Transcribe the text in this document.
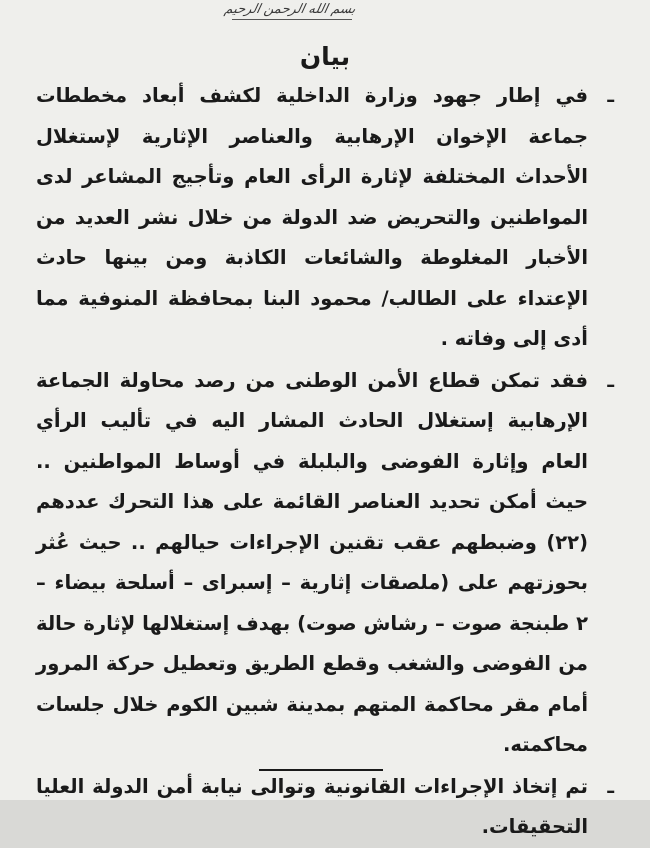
بسم الله الرحمن الرحيم
بيان

ـ
في إطار جهود وزارة الداخلية لكشف أبعاد مخططات جماعة الإخوان الإرهابية والعناصر الإثارية لإستغلال الأحداث المختلفة لإثارة الرأى العام وتأجيج المشاعر لدى المواطنين والتحريض ضد الدولة من خلال نشر العديد من الأخبار المغلوطة والشائعات الكاذبة ومن بينها حادث الإعتداء على الطالب/ محمود البنا بمحافظة المنوفية مما أدى إلى وفاته .

ـ
فقد تمكن قطاع الأمن الوطنى من رصد محاولة الجماعة الإرهابية إستغلال الحادث المشار اليه في تأليب الرأي العام وإثارة الفوضى والبلبلة في أوساط المواطنين .. حيث أمكن تحديد العناصر القائمة على هذا التحرك عددهم (٢٢) وضبطهم عقب تقنين الإجراءات حيالهم .. حيث عُثر بحوزتهم على (ملصقات إثارية – إسبراى – أسلحة بيضاء – ٢ طبنجة صوت – رشاش صوت) بهدف إستغلالها لإثارة حالة من الفوضى والشغب وقطع الطريق وتعطيل حركة المرور أمام مقر محاكمة المتهم بمدينة شبين الكوم خلال جلسات محاكمته.

ـ
تم إتخاذ الإجراءات القانونية وتوالى نيابة أمن الدولة العليا التحقيقات.
